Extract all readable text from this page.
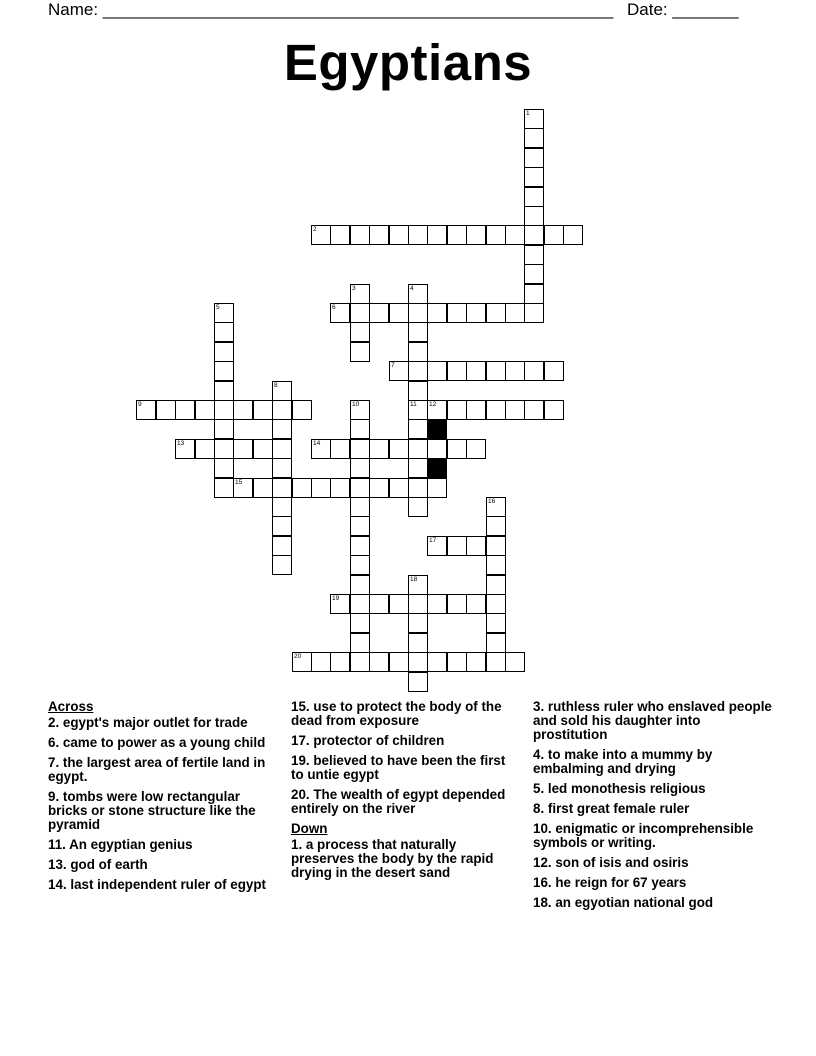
Name: ______________________________________________________ Date: _______
Egyptians
1
2
3	4
11
5	6
7
8
9	10	12
13	14
15
16
17
18
19
20

Across

2. egypt's major outlet for trade

6. came to power as a young child

7. the largest area of fertile land in egypt.

9. tombs were low rectangular bricks or stone structure like the pyramid

11. An egyptian genius

13. god of earth

14. last independent ruler of egypt

15. use to protect the body of the dead from exposure

17. protector of children

19. believed to have been the first to untie egypt

20. The wealth of egypt depended entirely on the river

Down

1. a process that naturally preserves the body by the rapid drying in the desert sand

3. ruthless ruler who enslaved people and sold his daughter into prostitution

4. to make into a mummy by embalming and drying

5. led monothesis religious

8. first great female ruler

10. enigmatic or incomprehensible symbols or writing.

12. son of isis and osiris

16. he reign for 67 years

18. an egyotian national god
